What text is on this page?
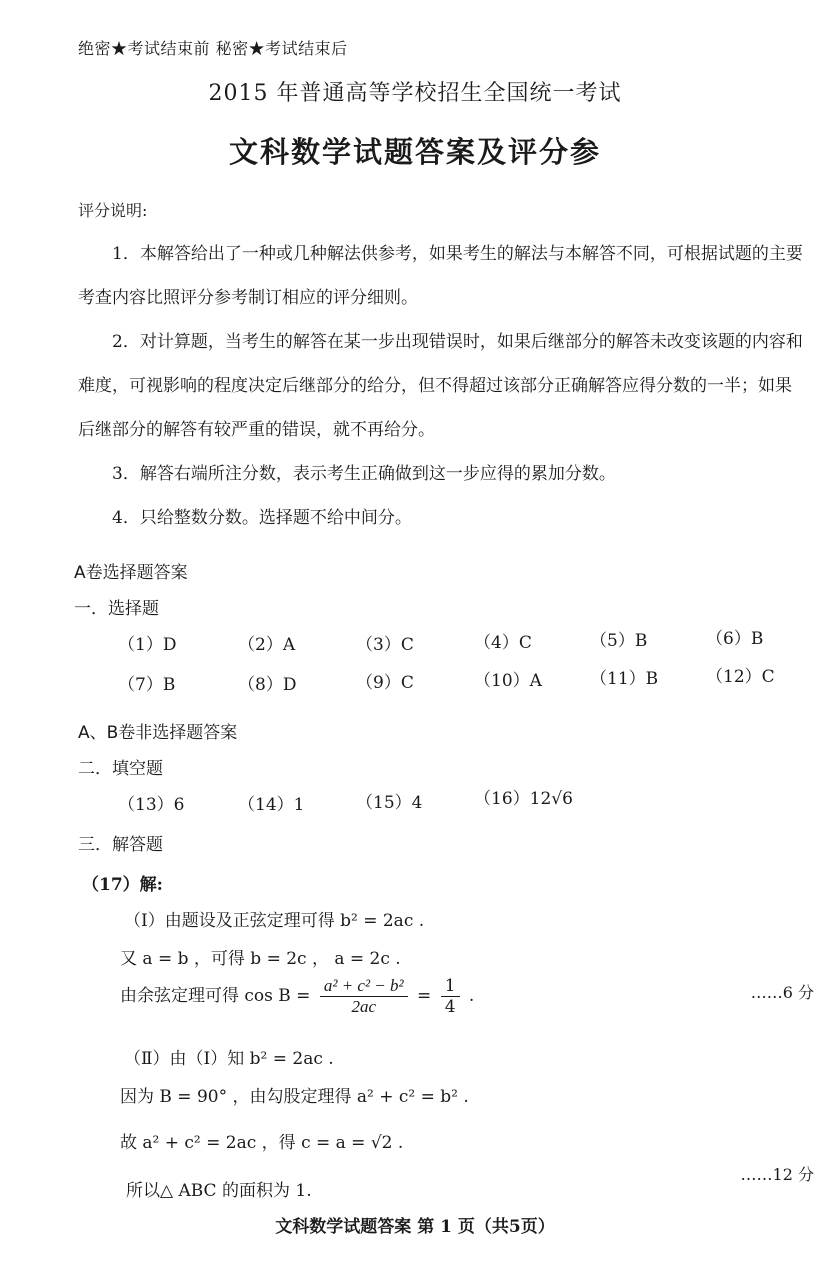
绝密★考试结束前 秘密★考试结束后
2015 年普通高等学校招生全国统一考试
文科数学试题答案及评分参
评分说明:
1．本解答给出了一种或几种解法供参考，如果考生的解法与本解答不同，可根据试题的主要考查内容比照评分参考制订相应的评分细则。
2．对计算题，当考生的解答在某一步出现错误时，如果后继部分的解答未改变该题的内容和难度，可视影响的程度决定后继部分的给分，但不得超过该部分正确解答应得分数的一半；如果后继部分的解答有较严重的错误，就不再给分。
3．解答右端所注分数，表示考生正确做到这一步应得的累加分数。
4．只给整数分数。选择题不给中间分。
A卷选择题答案
一．选择题
（1）D	（2）A	（3）C	（4）C	（5）B	（6）B
（7）B	（8）D	（9）C	（10）A	（11）B	（12）C
A、B卷非选择题答案
二．填空题
（13）6	（14）1	（15）4	（16）12√6
三．解答题
（17）解:
（Ⅰ）由题设及正弦定理可得 b² = 2ac .
又 a = b ，可得 b = 2c ， a = 2c .
由余弦定理可得 $\cos B = \frac{\text{a² + c² − b²}}{2ac} = \frac{1}{4}$ .	……6 分
（Ⅱ）由（Ⅰ）知 b² = 2ac .
因为 B = 90° ，由勾股定理得 a² + c² = b² .
故 a² + c² = 2ac ，得 c = a = √2 .
所以△ ABC 的面积为 1.
……12 分
文科数学试题答案 第 1 页（共5页）
